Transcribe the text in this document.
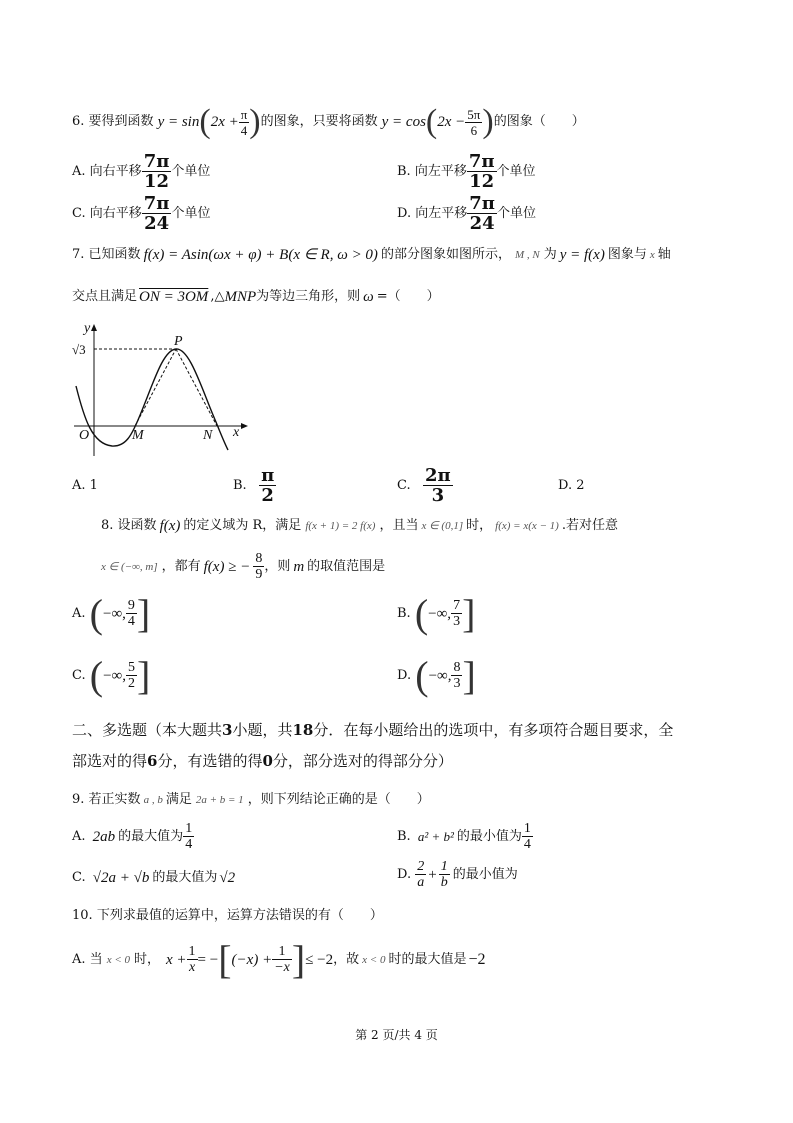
6.
要得到函数 y = sin ( $2x + \frac{\pi}{4}$ ) 的图象，只要将函数 y = cos ( $2x - \frac{5\pi}{6}$ ) 的图象（　　）
A.
向右平移 $\frac{7\pi}{12}$ 个单位	B.
向左平移 $\frac{7\pi}{12}$ 个单位
C.
向右平移 $\frac{7\pi}{24}$ 个单位	D.
向左平移 $\frac{7\pi}{24}$ 个单位
7.
已知函数 f(x) = Asin(ωx + φ) + B(x ∈ R, ω > 0) 的部分图象如图所示， M , N 为 y = f(x) 图象与 x 轴
交点且满足 ON = 3OM ,△ MNP 为等边三角形，则 ω =（　　）
y
√3
P
O	M	N x
A. 1	B.
$\frac{\pi}{2}$	C.
$\frac{2\pi}{3}$	D. 2
8.
设函数 f(x) 的定义域为 R，满足 f(x + 1) = 2 f(x) ，且当 x ∈ (0,1] 时， f(x) = x(x − 1) .若对任意
x ∈ (−∞, m] ，都有 f(x) ≥ − $\frac{8}{9}$ ，则 m 的取值范围是
A.
( −∞, $\frac{9}{4}$ ]	B.
( −∞, $\frac{7}{3}$ ]
C.
( −∞, $\frac{5}{2}$ ]	D.
( −∞, $\frac{8}{3}$ ]
二、多选题（本大题共3小题，共18分．在每小题给出的选项中，有多项符合题目要求，全
部选对的得6分，有选错的得0分，部分选对的得部分分）
9.
若正实数 a , b 满足 2a + b = 1 ，则下列结论正确的是（　　）
A.
2ab 的最大值为 $\frac{1}{4}$	B.
a² + b² 的最小值为 $\frac{1}{4}$
C.
√2a + √b 的最大值为 √2	D.
$\frac{2}{a} + \frac{1}{b}$ 的最小值为
10. 下列求最值的运算中，运算方法错误的有（　　）
A.
当 x < 0 时， $x + \frac{1}{x}$ = − [ $(-x) + \frac{1}{-x}$ ] ≤ −2 ，故 x < 0 时的最大值是 −2
第 2 页/共 4 页
